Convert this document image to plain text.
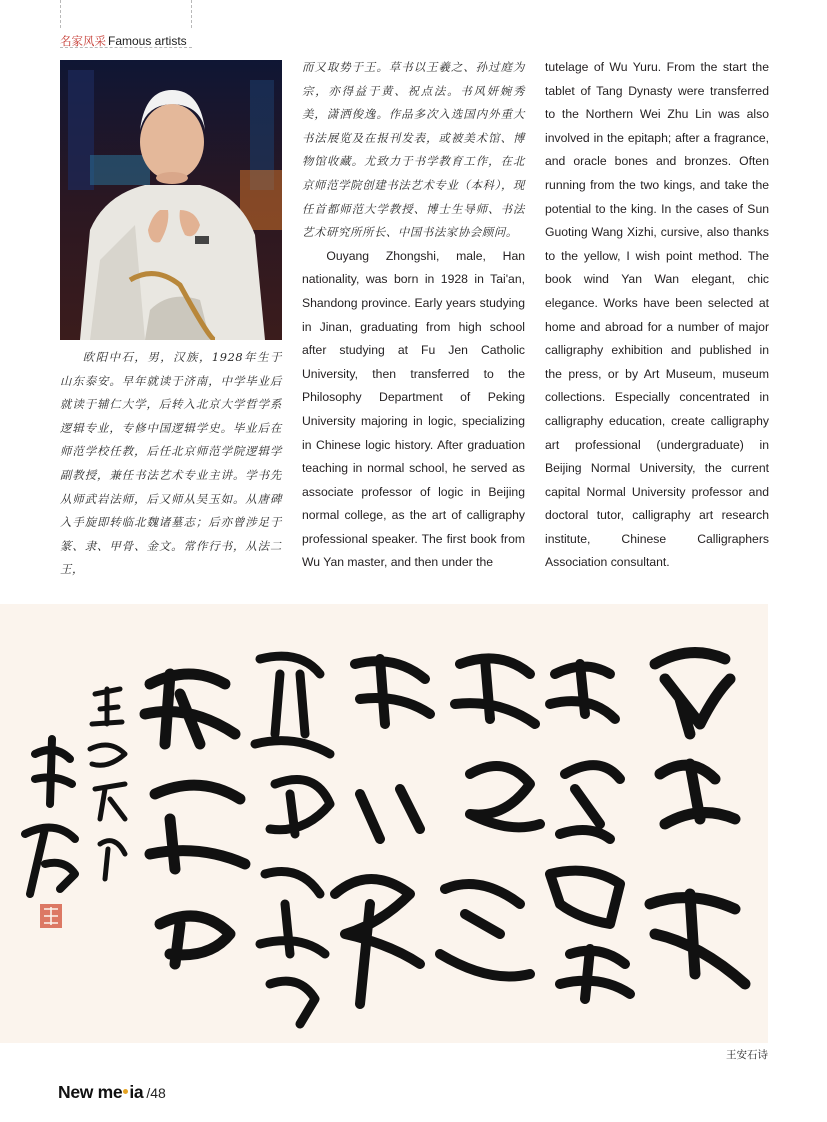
名家风采 Famous artists

欧阳中石，男，汉族，1928年生于山东泰安。早年就读于济南，中学毕业后就读于辅仁大学，后转入北京大学哲学系逻辑专业，专修中国逻辑学史。毕业后在师范学校任教，后任北京师范学院逻辑学副教授，兼任书法艺术专业主讲。学书先从师武岩法师，后又师从吴玉如。从唐碑入手旋即转临北魏诸墓志；后亦曾涉足于篆、隶、甲骨、金文。常作行书，从法二王，

而又取势于王。草书以王羲之、孙过庭为宗，亦得益于黄、祝点法。书风妍婉秀美，潇洒俊逸。作品多次入选国内外重大书法展览及在报刊发表，或被美术馆、博物馆收藏。尤致力于书学教育工作，在北京师范学院创建书法艺术专业（本科），现任首都师范大学教授、博士生导师、书法艺术研究所所长、中国书法家协会顾问。

Ouyang Zhongshi, male, Han nationality, was born in 1928 in Tai'an, Shandong province. Early years studying in Jinan, graduating from high school after studying at Fu Jen Catholic University, then transferred to the Philosophy Department of Peking University majoring in logic, specializing in Chinese logic history. After graduation teaching in normal school, he served as associate professor of logic in Beijing normal college, as the art of calligraphy professional speaker. The first book from Wu Yan master, and then under the

tutelage of Wu Yuru. From the start the tablet of Tang Dynasty were transferred to the Northern Wei Zhu Lin was also involved in the epitaph; after a fragrance, and oracle bones and bronzes. Often running from the two kings, and take the potential to the king. In the cases of Sun Guoting Wang Xizhi, cursive, also thanks to the yellow, I wish point method. The book wind Yan Wan elegant, chic elegance. Works have been selected at home and abroad for a number of major calligraphy exhibition and published in the press, or by Art Museum, museum collections. Especially concentrated in calligraphy education, create calligraphy art professional (undergraduate) in Beijing Normal University, the current capital Normal University professor and doctoral tutor, calligraphy art research institute, Chinese Calligraphers Association consultant.

王安石诗
New me ia /48
